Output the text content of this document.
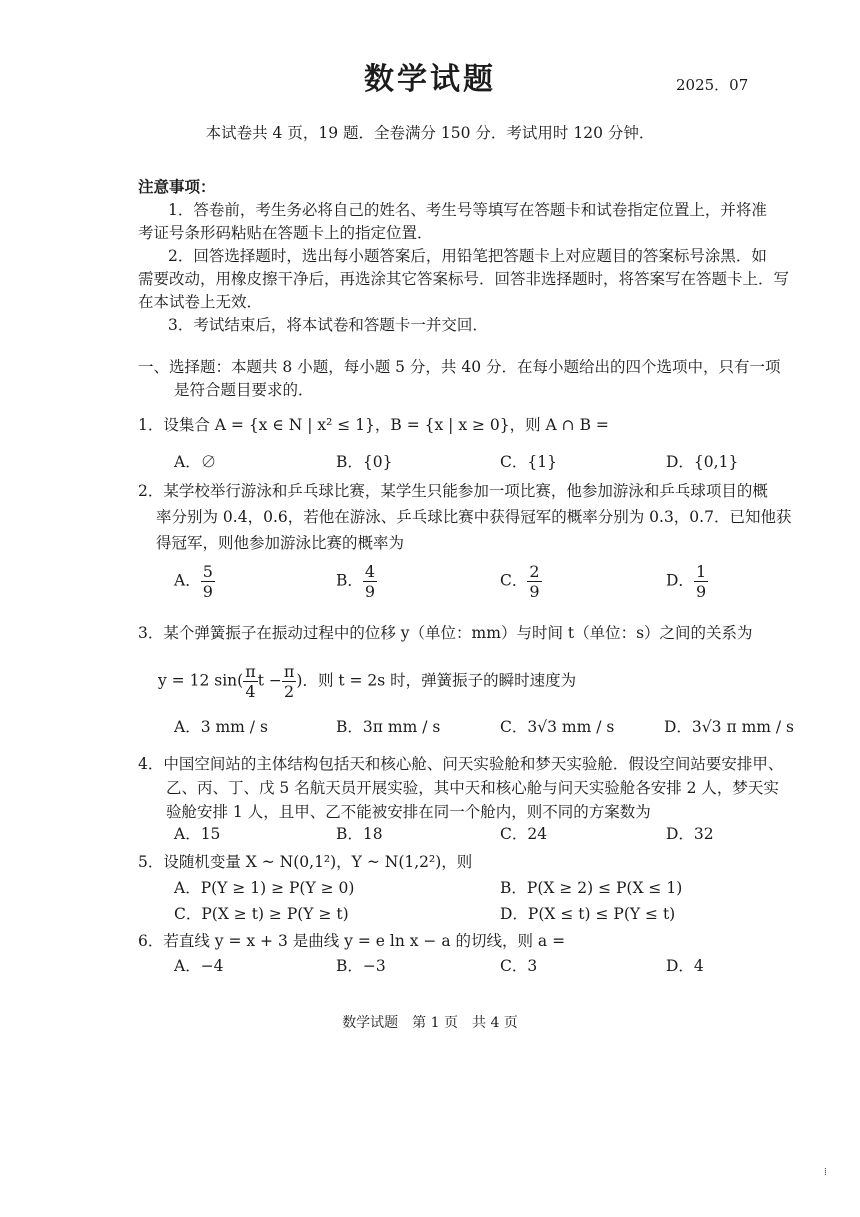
数学试题	2025．07
本试卷共 4 页，19 题．全卷满分 150 分．考试用时 120 分钟．
注意事项：
1．答卷前，考生务必将自己的姓名、考生号等填写在答题卡和试卷指定位置上，并将准
考证号条形码粘贴在答题卡上的指定位置．
2．回答选择题时，选出每小题答案后，用铅笔把答题卡上对应题目的答案标号涂黑．如
需要改动，用橡皮擦干净后，再选涂其它答案标号．回答非选择题时，将答案写在答题卡上．写
在本试卷上无效．
3．考试结束后，将本试卷和答题卡一并交回．
一、选择题：本题共 8 小题，每小题 5 分，共 40 分．在每小题给出的四个选项中，只有一项
是符合题目要求的．
1．设集合 A = {x ∈ N | x² ≤ 1}，B = {x | x ≥ 0}，则 A ∩ B =
A．∅	B．{0}	C．{1}	D．{0,1}
2．某学校举行游泳和乒乓球比赛，某学生只能参加一项比赛，他参加游泳和乒乓球项目的概
率分别为 0.4，0.6，若他在游泳、乒乓球比赛中获得冠军的概率分别为 0.3，0.7．已知他获
得冠军，则他参加游泳比赛的概率为
A． $\frac{5}{9}$	B． $\frac{4}{9}$	C． $\frac{2}{9}$	D． $\frac{1}{9}$
3．某个弹簧振子在振动过程中的位移 y（单位：mm）与时间 t（单位：s）之间的关系为
y = 12 $\sin( \frac{\pi}{4}$ $t - \frac{\pi}{2}$ )．则 t = 2s 时，弹簧振子的瞬时速度为
A．3 mm / s	B．3π mm / s	C．3√3 mm / s	D．3√3 π mm / s
4．中国空间站的主体结构包括天和核心舱、问天实验舱和梦天实验舱．假设空间站要安排甲、
乙、丙、丁、戊 5 名航天员开展实验，其中天和核心舱与问天实验舱各安排 2 人，梦天实
验舱安排 1 人，且甲、乙不能被安排在同一个舱内，则不同的方案数为
A．15	B．18	C．24	D．32
5．设随机变量 X ~ N(0,1²)，Y ~ N(1,2²)，则
A．P(Y ≥ 1) ≥ P(Y ≥ 0)	B．P(X ≥ 2) ≤ P(X ≤ 1)
C．P(X ≥ t) ≥ P(Y ≥ t)	D．P(X ≤ t) ≤ P(Y ≤ t)
6．若直线 y = x + 3 是曲线 y = e ln x − a 的切线，则 a =
A．−4	B．−3	C．3	D．4
数学试题　第 1 页　共 4 页
⁞
